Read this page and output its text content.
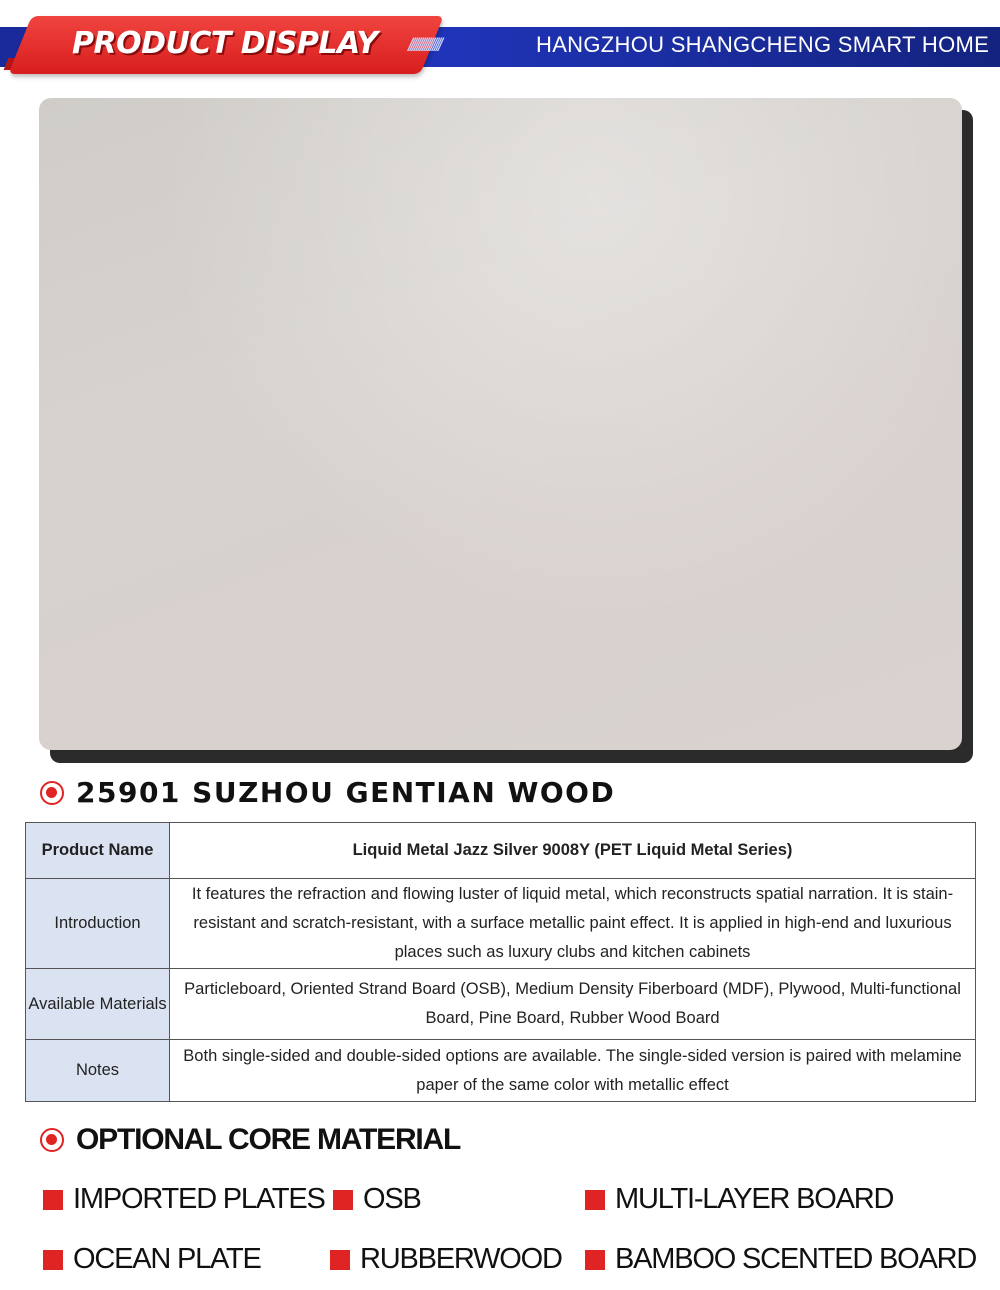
PRODUCT DISPLAY ////////////////	HANGZHOU SHANGCHENG SMART HOME
25901 SUZHOU GENTIAN WOOD
Product Name	Liquid Metal Jazz Silver 9008Y (PET Liquid Metal Series)
Introduction	It features the refraction and flowing luster of liquid metal, which reconstructs spatial narration. It is stain-resistant and scratch-resistant, with a surface metallic paint effect. It is applied in high-end and luxurious places such as luxury clubs and kitchen cabinets
Available Materials	Particleboard, Oriented Strand Board (OSB), Medium Density Fiberboard (MDF), Plywood, Multi-functional Board, Pine Board, Rubber Wood Board
Notes	Both single-sided and double-sided options are available. The single-sided version is paired with melamine paper of the same color with metallic effect
OPTIONAL CORE MATERIAL
IMPORTED PLATES OSB	MULTI-LAYER BOARD
OCEAN PLATE	RUBBERWOOD BAMBOO SCENTED BOARD
